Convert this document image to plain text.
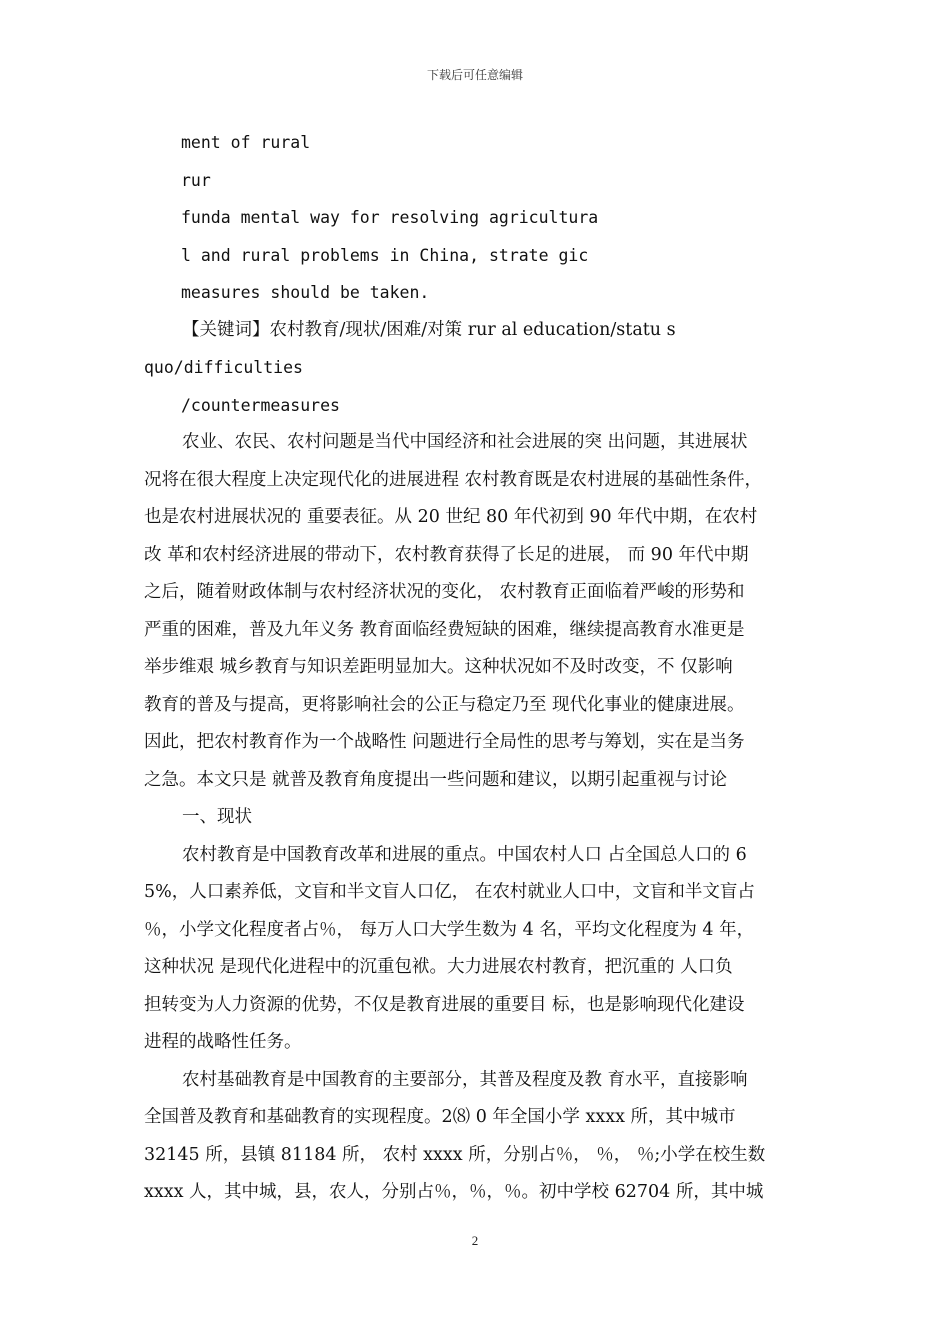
下载后可任意编辑
ment of rural
rur
funda mental way for resolving agricultura
l and rural problems in China, strate gic
measures should be taken.
【关键词】农村教育/现状/困难/对策 rur al education/statu s
quo/difficulties
/countermeasures
农业、农民、农村问题是当代中国经济和社会进展的突 出问题，其进展状
况将在很大程度上决定现代化的进展进程 农村教育既是农村进展的基础性条件，
也是农村进展状况的 重要表征。从 20 世纪 80 年代初到 90 年代中期，在农村
改 革和农村经济进展的带动下，农村教育获得了长足的进展， 而 90 年代中期
之后，随着财政体制与农村经济状况的变化， 农村教育正面临着严峻的形势和
严重的困难，普及九年义务 教育面临经费短缺的困难，继续提高教育水准更是
举步维艰 城乡教育与知识差距明显加大。这种状况如不及时改变，不 仅影响
教育的普及与提高，更将影响社会的公正与稳定乃至 现代化事业的健康进展。
因此，把农村教育作为一个战略性 问题进行全局性的思考与筹划，实在是当务
之急。本文只是 就普及教育角度提出一些问题和建议，以期引起重视与讨论
一、现状
农村教育是中国教育改革和进展的重点。中国农村人口 占全国总人口的 6
5%，人口素养低，文盲和半文盲人口亿， 在农村就业人口中，文盲和半文盲占
％，小学文化程度者占％， 每万人口大学生数为 4 名，平均文化程度为 4 年，
这种状况 是现代化进程中的沉重包袱。大力进展农村教育，把沉重的 人口负
担转变为人力资源的优势，不仅是教育进展的重要目 标，也是影响现代化建设
进程的战略性任务。
农村基础教育是中国教育的主要部分，其普及程度及教 育水平，直接影响
全国普及教育和基础教育的实现程度。2⑻ 0 年全国小学 xxxx 所，其中城市
32145 所，县镇 81184 所， 农村 xxxx 所，分别占％， ％， ％;小学在校生数
xxxx 人，其中城，县，农人，分别占％，％，％。初中学校 62704 所，其中城
2
